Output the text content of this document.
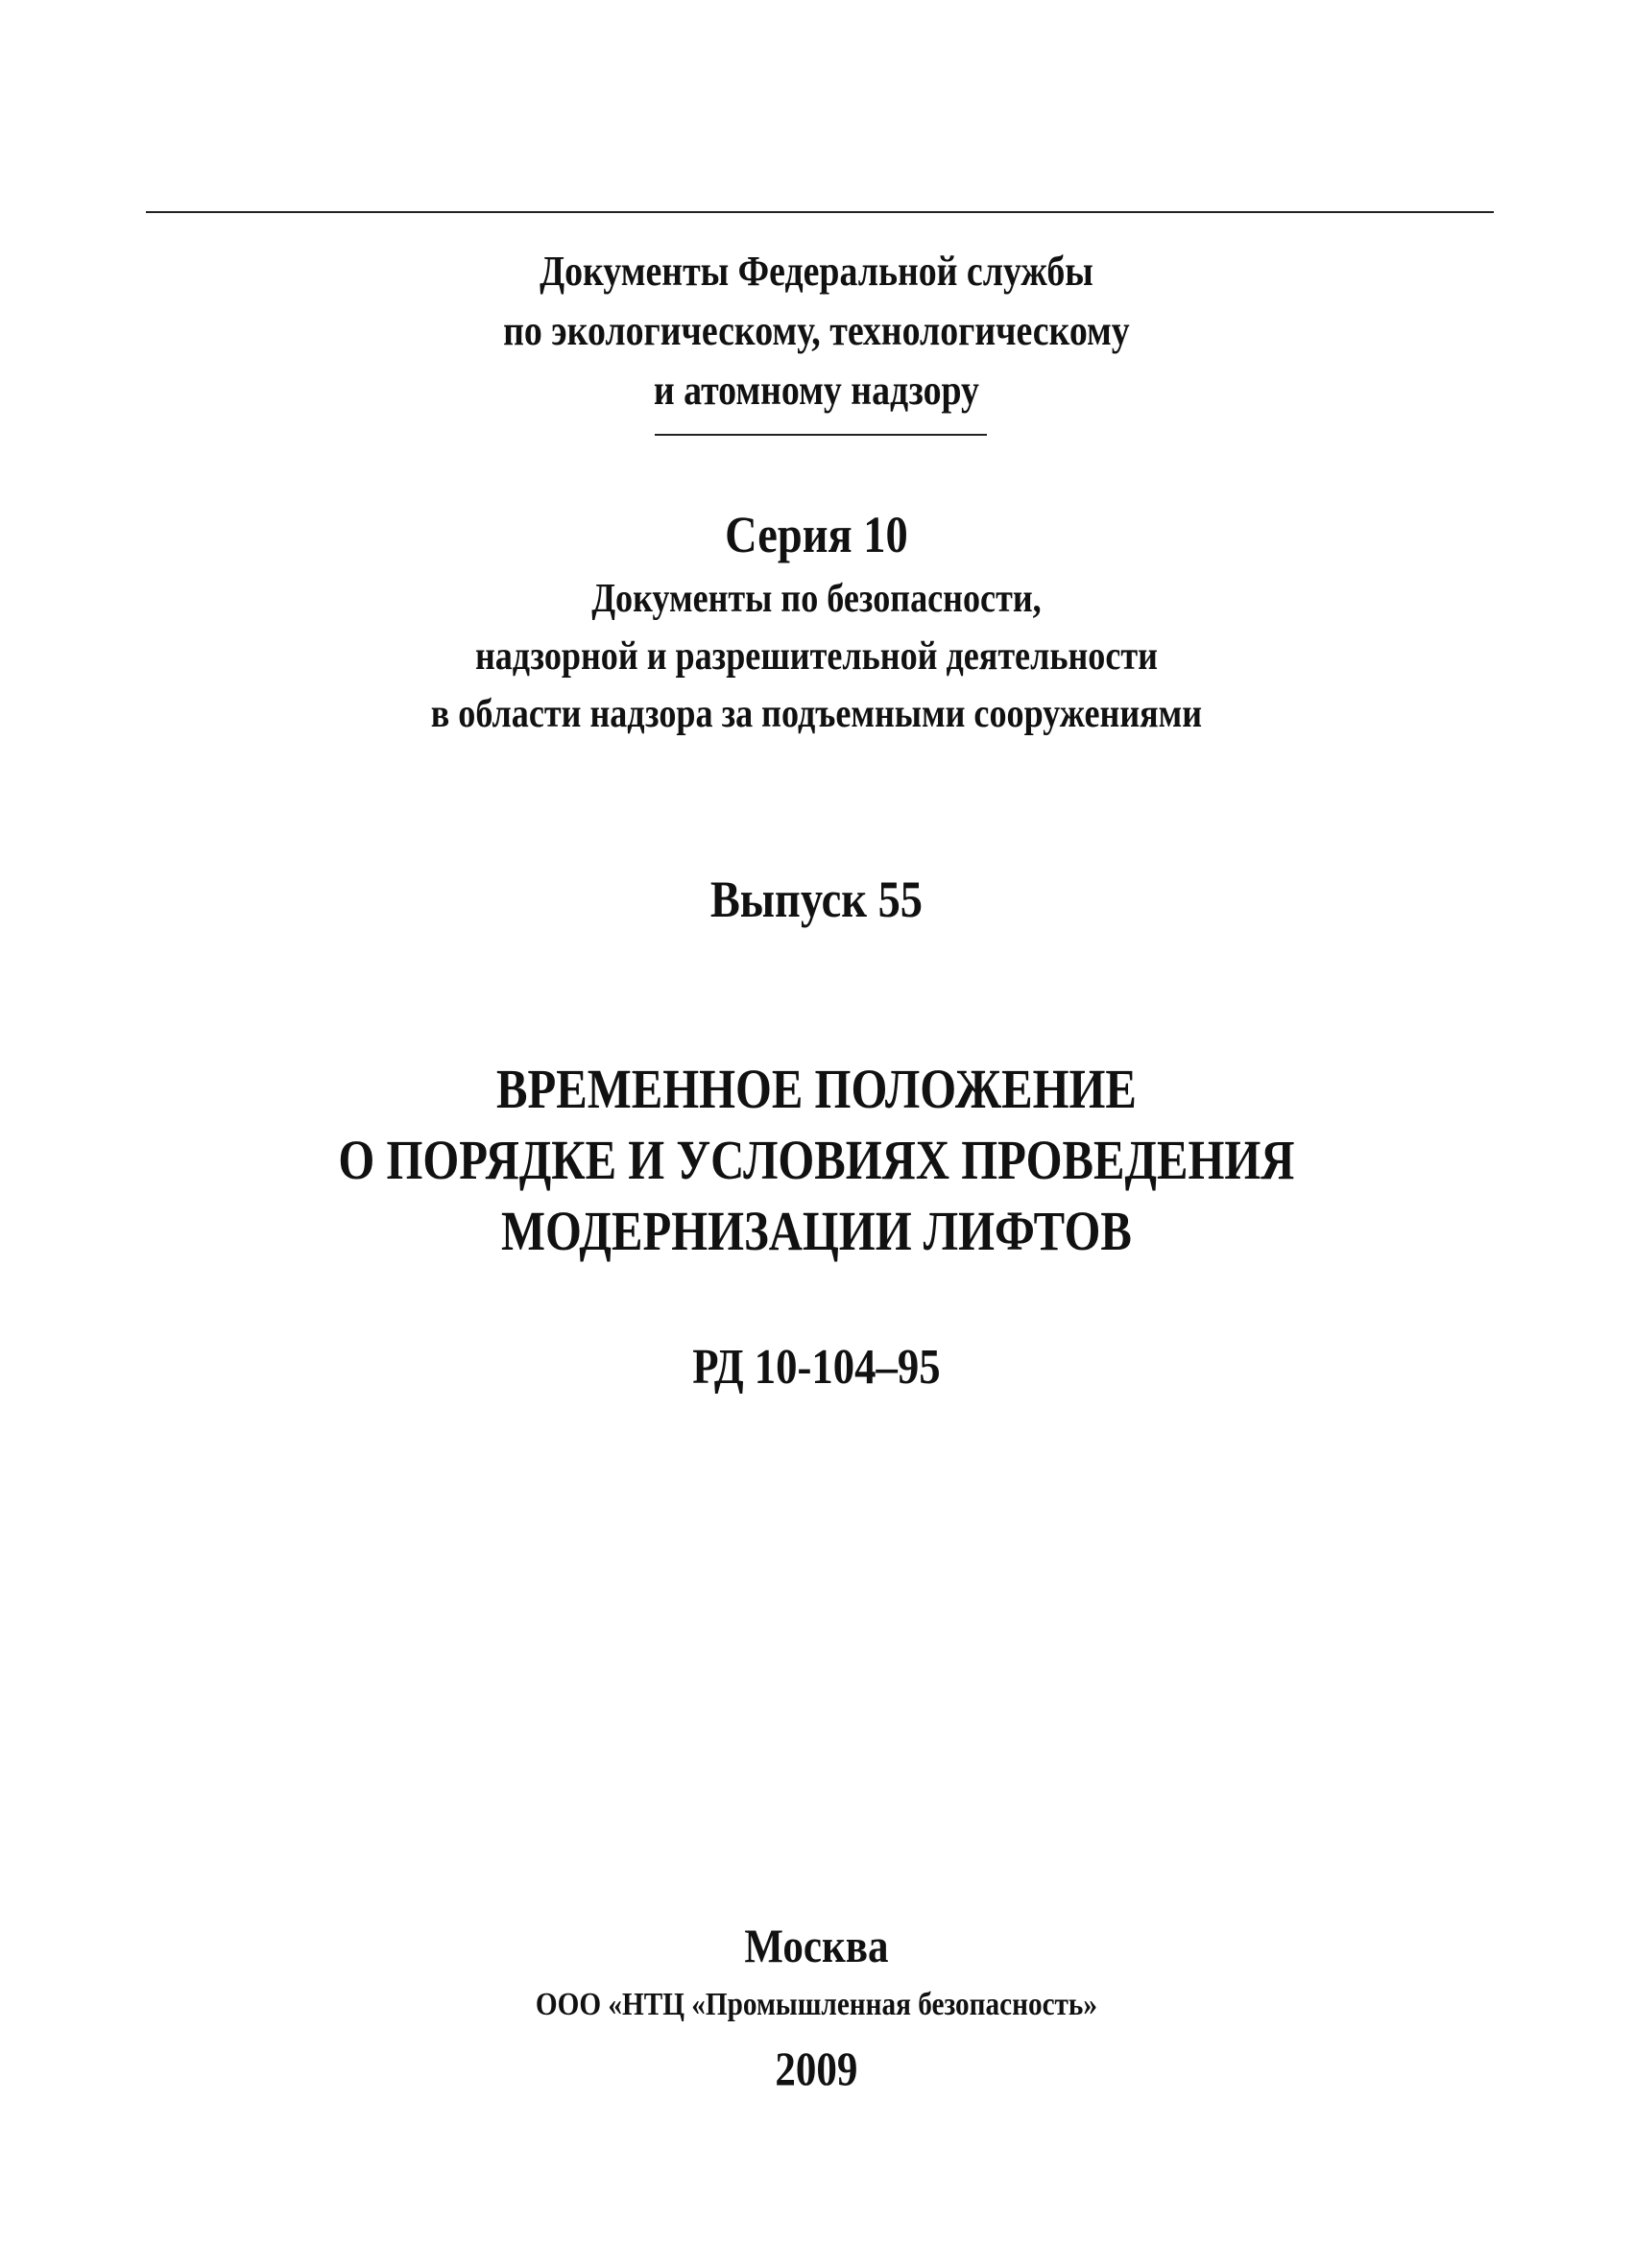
Документы Федеральной службы
по экологическому, технологическому
и атомному надзору
Серия 10
Документы по безопасности,
надзорной и разрешительной деятельности
в области надзора за подъемными сооружениями
Выпуск 55
ВРЕМЕННОЕ ПОЛОЖЕНИЕ
О ПОРЯДКЕ И УСЛОВИЯХ ПРОВЕДЕНИЯ
МОДЕРНИЗАЦИИ ЛИФТОВ
РД 10-104–95
Москва
ООО «НТЦ «Промышленная безопасность»
2009
